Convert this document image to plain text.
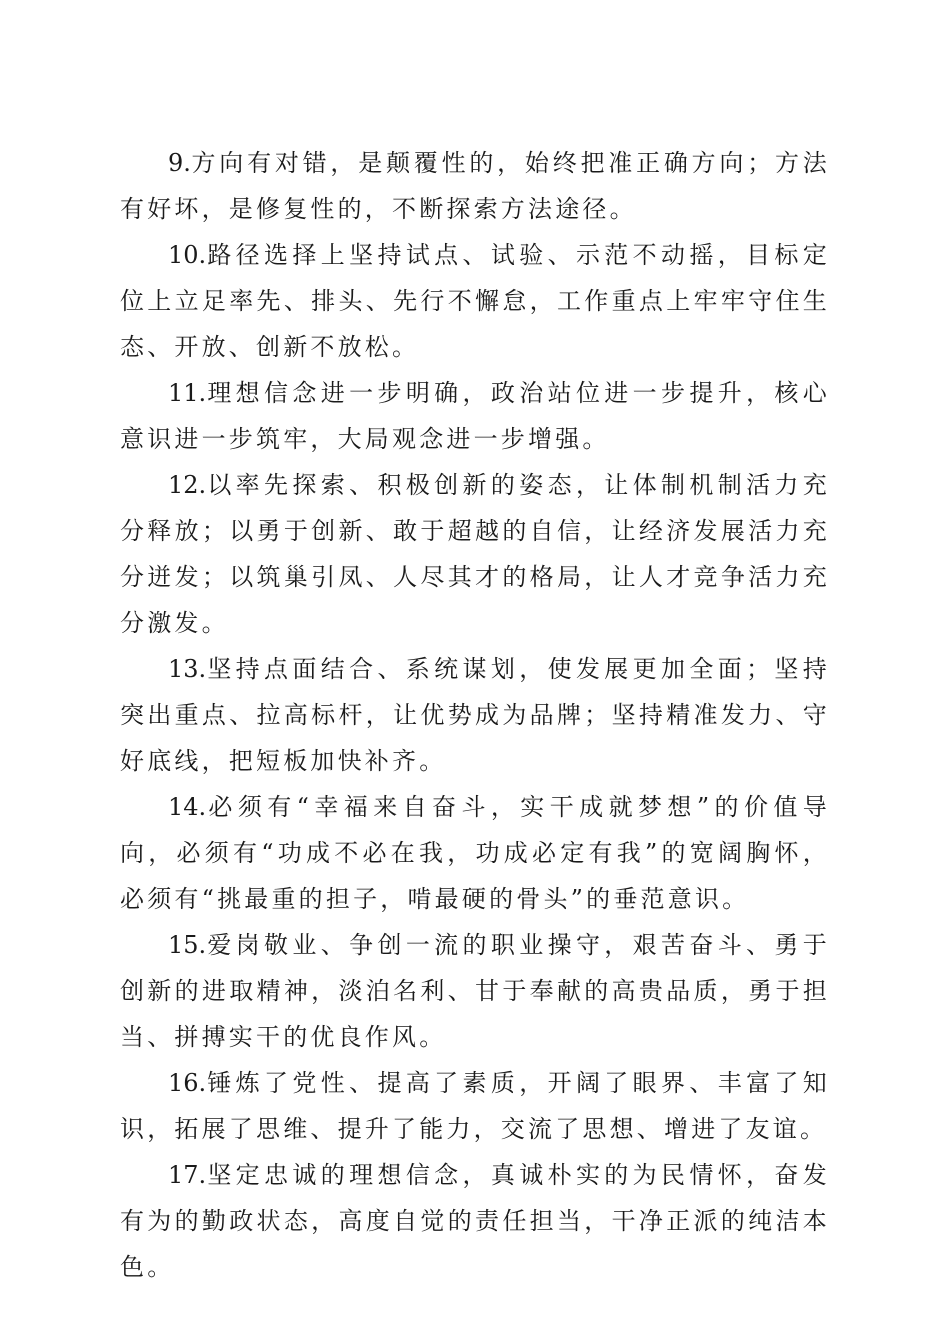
9.方向有对错，是颠覆性的，始终把准正确方向；方法有好坏，是修复性的，不断探索方法途径。

10.路径选择上坚持试点、试验、示范不动摇，目标定位上立足率先、排头、先行不懈怠，工作重点上牢牢守住生态、开放、创新不放松。

11.理想信念进一步明确，政治站位进一步提升，核心意识进一步筑牢，大局观念进一步增强。

12.以率先探索、积极创新的姿态，让体制机制活力充分释放；以勇于创新、敢于超越的自信，让经济发展活力充分迸发；以筑巢引凤、人尽其才的格局，让人才竞争活力充分激发。

13.坚持点面结合、系统谋划，使发展更加全面；坚持突出重点、拉高标杆，让优势成为品牌；坚持精准发力、守好底线，把短板加快补齐。

14.必须有“幸福来自奋斗，实干成就梦想”的价值导向，必须有“功成不必在我，功成必定有我”的宽阔胸怀，必须有“挑最重的担子，啃最硬的骨头”的垂范意识。

15.爱岗敬业、争创一流的职业操守，艰苦奋斗、勇于创新的进取精神，淡泊名利、甘于奉献的高贵品质，勇于担当、拼搏实干的优良作风。

16.锤炼了党性、提高了素质，开阔了眼界、丰富了知识，拓展了思维、提升了能力，交流了思想、增进了友谊。

17.坚定忠诚的理想信念，真诚朴实的为民情怀，奋发有为的勤政状态，高度自觉的责任担当，干净正派的纯洁本色。
